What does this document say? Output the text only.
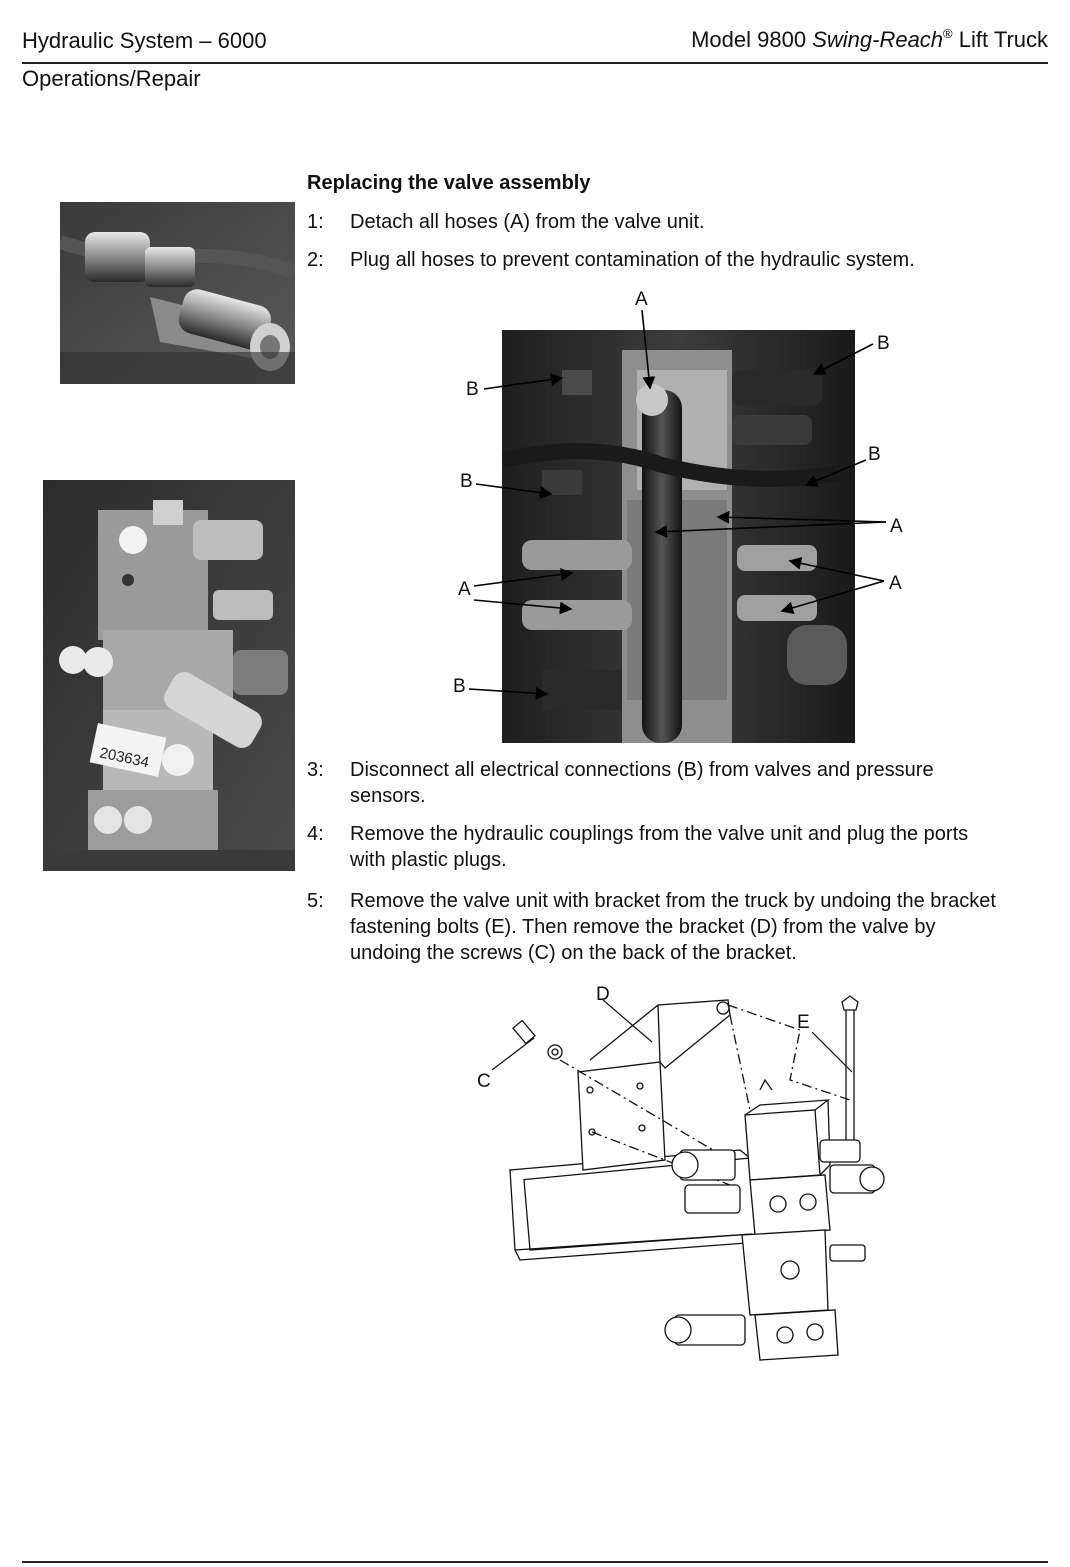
Hydraulic System – 6000	Model 9800 Swing-Reach® Lift Truck
Operations/Repair
203634
Replacing the valve assembly
1:	Detach all hoses (A) from the valve unit.
2:	Plug all hoses to prevent contamination of the hydraulic system.
A
B
B
B
B
A
A
A
B
3:	Disconnect all electrical connections (B) from valves and pressure
sensors.
4:	Remove the hydraulic couplings from the valve unit and plug the ports
with plastic plugs.
5:	Remove the valve unit with bracket from the truck by undoing the bracket
fastening bolts (E). Then remove the bracket (D) from the valve by
undoing the screws (C) on the back of the bracket.
D
E
C
